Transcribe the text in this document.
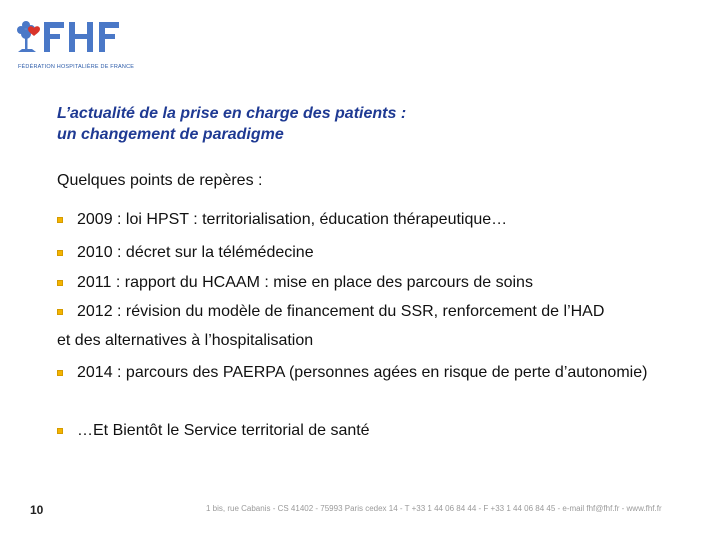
FÉDÉRATION HOSPITALIÈRE DE FRANCE
L’actualité de la prise en charge des patients :
un changement de paradigme
Quelques points de repères :
2009 : loi HPST : territorialisation, éducation thérapeutique…
2010 : décret sur la télémédecine
2011 : rapport du HCAAM : mise en place des parcours de soins
2012 : révision du modèle de financement du SSR, renforcement de l’HAD
et des alternatives à l’hospitalisation
2014 : parcours des PAERPA (personnes agées en risque de perte d’autonomie)
…Et Bientôt le Service territorial de santé
10	1 bis, rue Cabanis - CS 41402 - 75993 Paris cedex 14 - T +33 1 44 06 84 44 - F +33 1 44 06 84 45 - e-mail fhf@fhf.fr - www.fhf.fr
